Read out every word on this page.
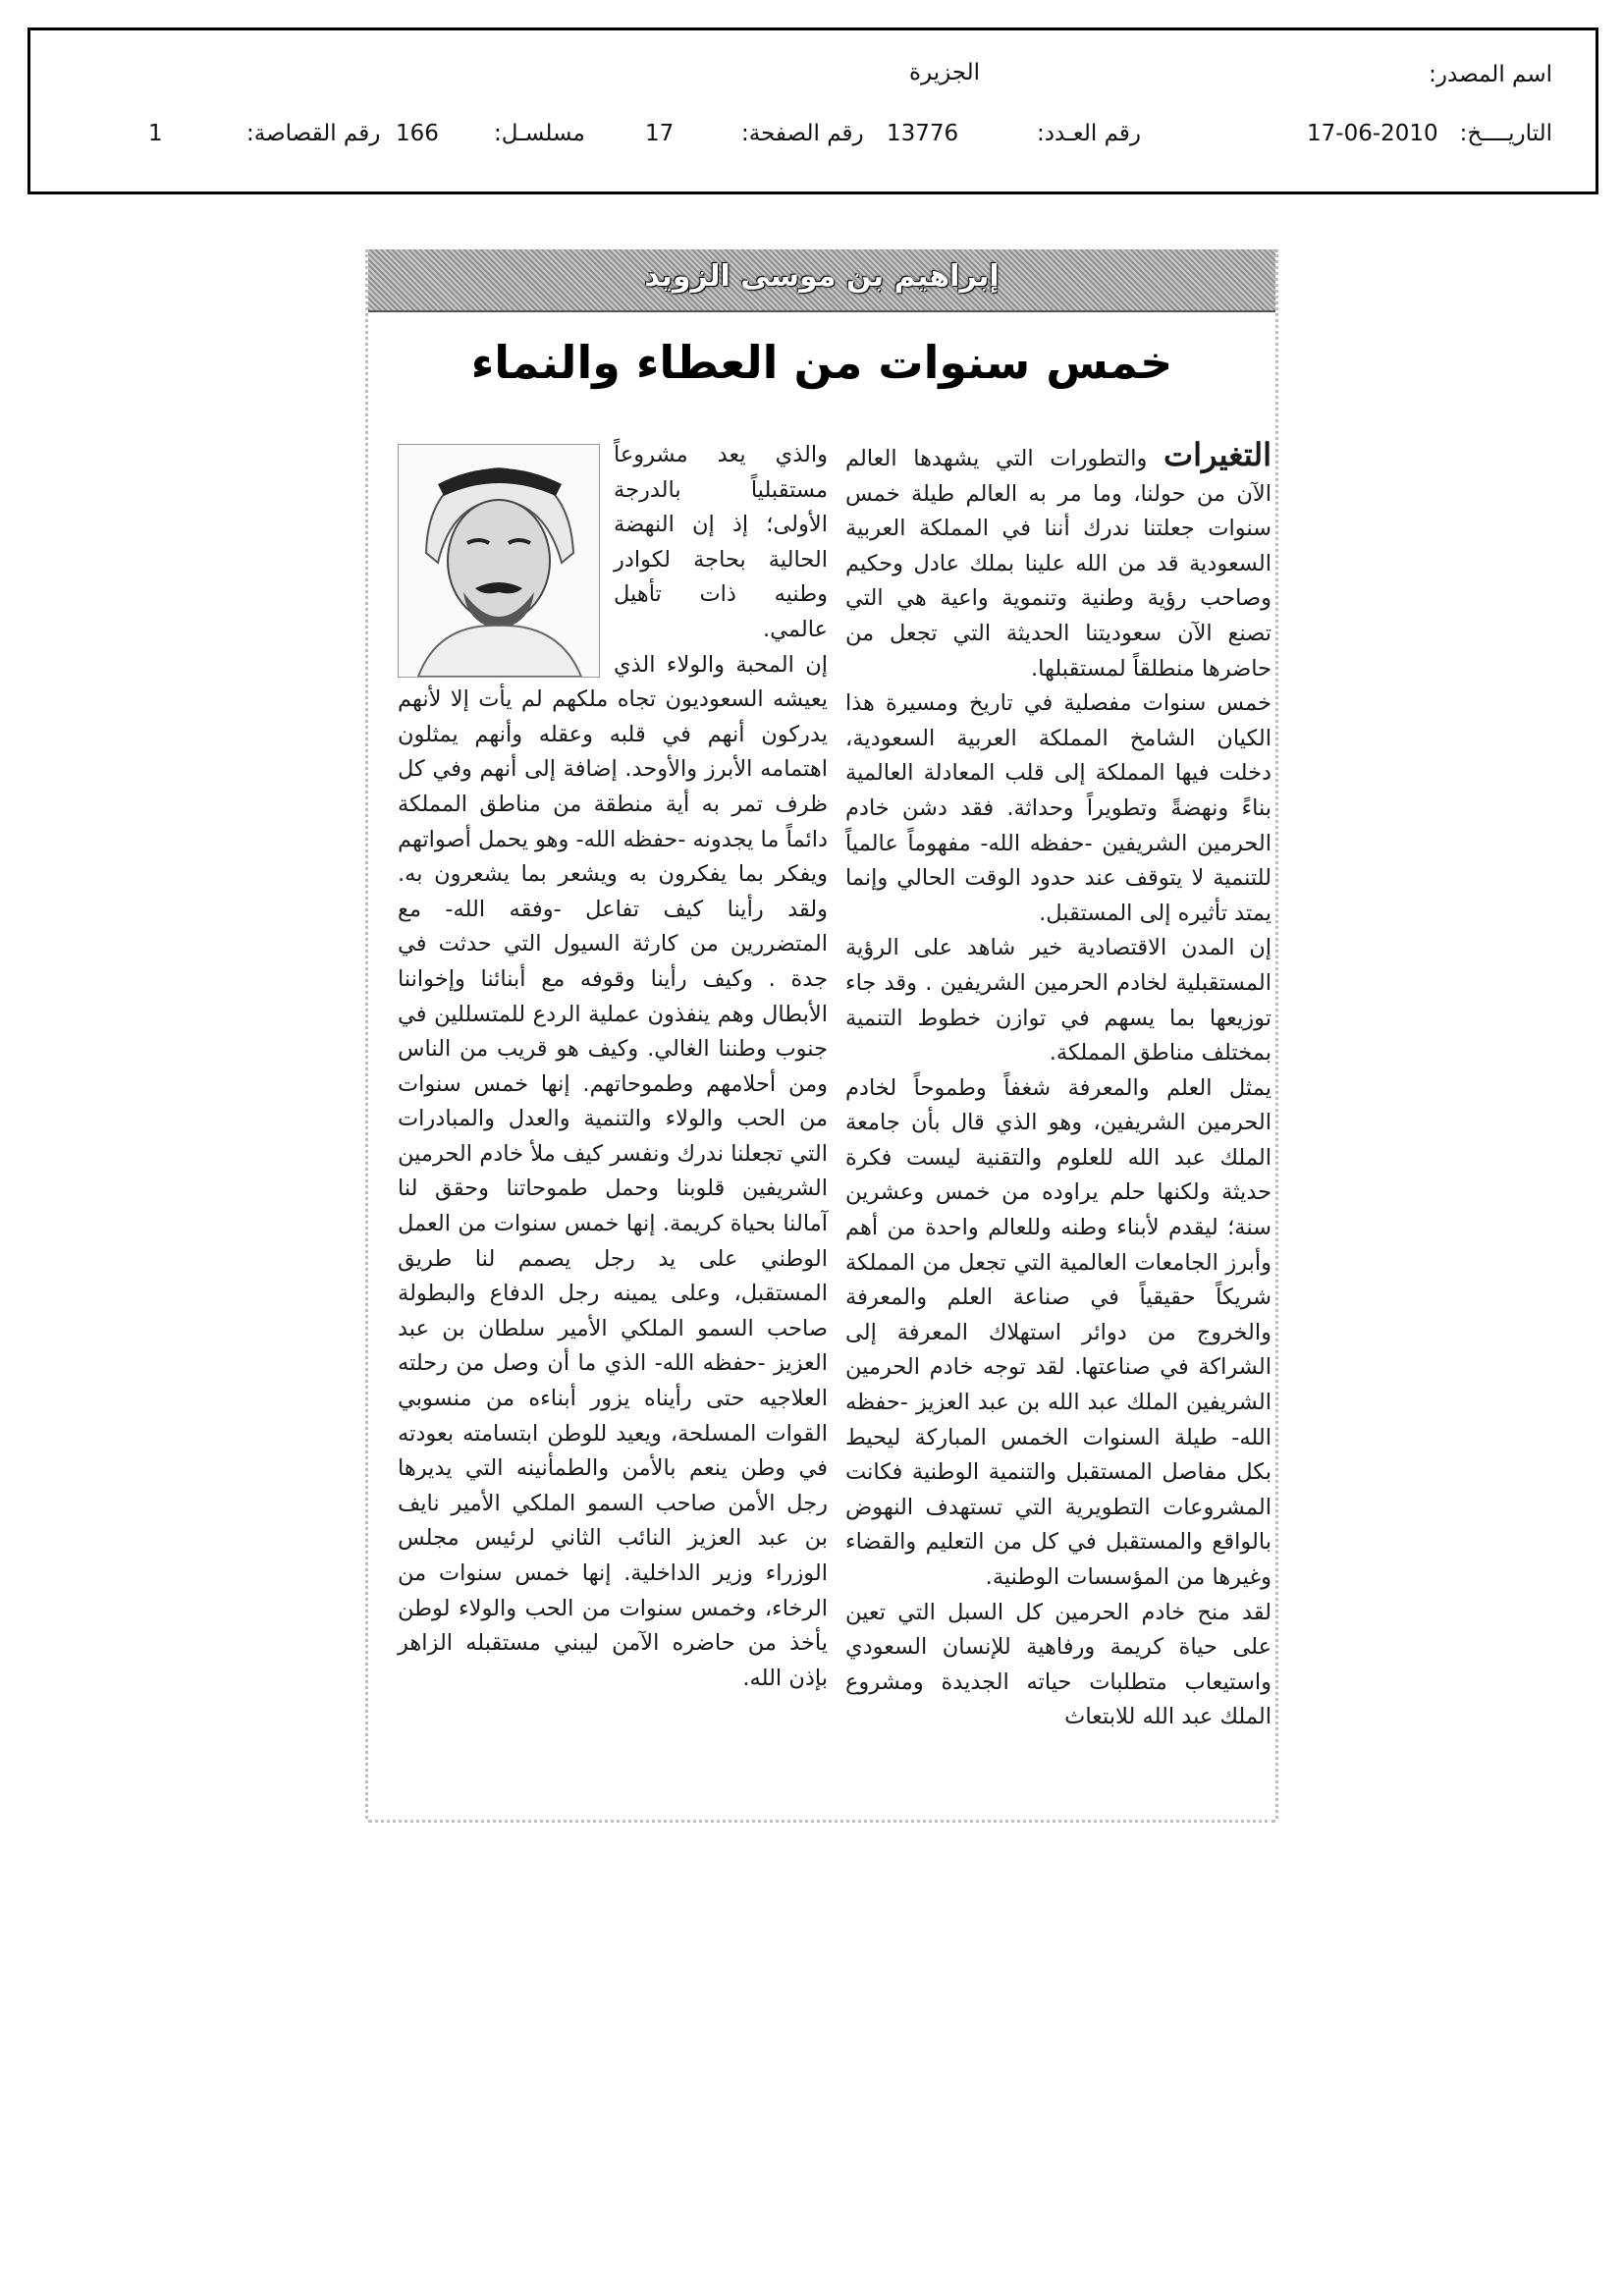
اسم المصدر:
الجزيرة
التاريــــخ:
17-06-2010
رقم العـدد:
13776
رقم الصفحة:
17
مسلسـل:
166
رقم القصاصة:
1
إبراهيم بن موسى الزويد
خمس سنوات من العطاء والنماء

التغيرات والتطورات التي يشهدها العالم الآن من حولنا، وما مر به العالم طيلة خمس سنوات جعلتنا ندرك أننا في المملكة العربية السعودية قد من الله علينا بملك عادل وحكيم وصاحب رؤية وطنية وتنموية واعية هي التي تصنع الآن سعوديتنا الحديثة التي تجعل من حاضرها منطلقاً لمستقبلها.

خمس سنوات مفصلية في تاريخ ومسيرة هذا الكيان الشامخ المملكة العربية السعودية، دخلت فيها المملكة إلى قلب المعادلة العالمية بناءً ونهضةً وتطويراً وحداثة. فقد دشن خادم الحرمين الشريفين -حفظه الله- مفهوماً عالمياً للتنمية لا يتوقف عند حدود الوقت الحالي وإنما يمتد تأثيره إلى المستقبل.

إن المدن الاقتصادية خير شاهد على الرؤية المستقبلية لخادم الحرمين الشريفين . وقد جاء توزيعها بما يسهم في توازن خطوط التنمية بمختلف مناطق المملكة.

يمثل العلم والمعرفة شغفاً وطموحاً لخادم الحرمين الشريفين، وهو الذي قال بأن جامعة الملك عبد الله للعلوم والتقنية ليست فكرة حديثة ولكنها حلم يراوده من خمس وعشرين سنة؛ ليقدم لأبناء وطنه وللعالم واحدة من أهم وأبرز الجامعات العالمية التي تجعل من المملكة شريكاً حقيقياً في صناعة العلم والمعرفة والخروج من دوائر استهلاك المعرفة إلى الشراكة في صناعتها. لقد توجه خادم الحرمين الشريفين الملك عبد الله بن عبد العزيز -حفظه الله- طيلة السنوات الخمس المباركة ليحيط بكل مفاصل المستقبل والتنمية الوطنية فكانت المشروعات التطويرية التي تستهدف النهوض بالواقع والمستقبل في كل من التعليم والقضاء وغيرها من المؤسسات الوطنية.

لقد منح خادم الحرمين كل السبل التي تعين على حياة كريمة ورفاهية للإنسان السعودي واستيعاب متطلبات حياته الجديدة ومشروع الملك عبد الله للابتعاث

والذي يعد مشروعاً مستقبلياً بالدرجة الأولى؛ إذ إن النهضة الحالية بحاجة لكوادر وطنيه ذات تأهيل عالمي.

إن المحبة والولاء الذي يعيشه السعوديون تجاه ملكهم لم يأت إلا لأنهم يدركون أنهم في قلبه وعقله وأنهم يمثلون اهتمامه الأبرز والأوحد. إضافة إلى أنهم وفي كل ظرف تمر به أية منطقة من مناطق المملكة دائماً ما يجدونه -حفظه الله- وهو يحمل أصواتهم ويفكر بما يفكرون به ويشعر بما يشعرون به. ولقد رأينا كيف تفاعل -وفقه الله- مع المتضررين من كارثة السيول التي حدثت في جدة . وكيف رأينا وقوفه مع أبنائنا وإخواننا الأبطال وهم ينفذون عملية الردع للمتسللين في جنوب وطننا الغالي. وكيف هو قريب من الناس ومن أحلامهم وطموحاتهم. إنها خمس سنوات من الحب والولاء والتنمية والعدل والمبادرات التي تجعلنا ندرك ونفسر كيف ملأ خادم الحرمين الشريفين قلوبنا وحمل طموحاتنا وحقق لنا آمالنا بحياة كريمة. إنها خمس سنوات من العمل الوطني على يد رجل يصمم لنا طريق المستقبل، وعلى يمينه رجل الدفاع والبطولة صاحب السمو الملكي الأمير سلطان بن عبد العزيز -حفظه الله- الذي ما أن وصل من رحلته العلاجيه حتى رأيناه يزور أبناءه من منسوبي القوات المسلحة، ويعيد للوطن ابتسامته بعودته في وطن ينعم بالأمن والطمأنينه التي يديرها رجل الأمن صاحب السمو الملكي الأمير نايف بن عبد العزيز النائب الثاني لرئيس مجلس الوزراء وزير الداخلية. إنها خمس سنوات من الرخاء، وخمس سنوات من الحب والولاء لوطن يأخذ من حاضره الآمن ليبني مستقبله الزاهر بإذن الله.
